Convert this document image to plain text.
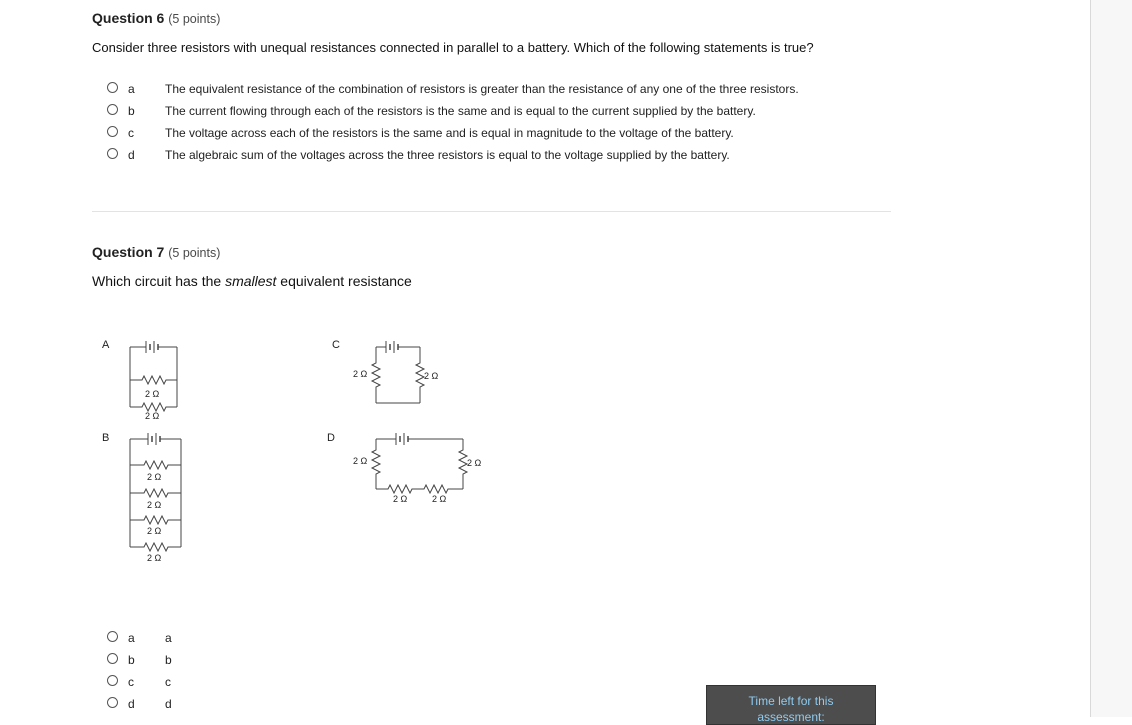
Question 6 (5 points)
Consider three resistors with unequal resistances connected in parallel to a battery. Which of the following statements is true?
a	The equivalent resistance of the combination of resistors is greater than the resistance of any one of the three resistors.
b	The current flowing through each of the resistors is the same and is equal to the current supplied by the battery.
c	The voltage across each of the resistors is the same and is equal in magnitude to the voltage of the battery.
d	The algebraic sum of the voltages across the three resistors is equal to the voltage supplied by the battery.
Question 7 (5 points)
Which circuit has the smallest equivalent resistance
A
2 Ω
2 Ω
B
2 Ω
2 Ω
2 Ω
2 Ω
C
2 Ω	2 Ω
D
2 Ω	2 Ω
2 Ω	2 Ω
a	a
b	b
c	c
d	d	Time left for this
assessment:
